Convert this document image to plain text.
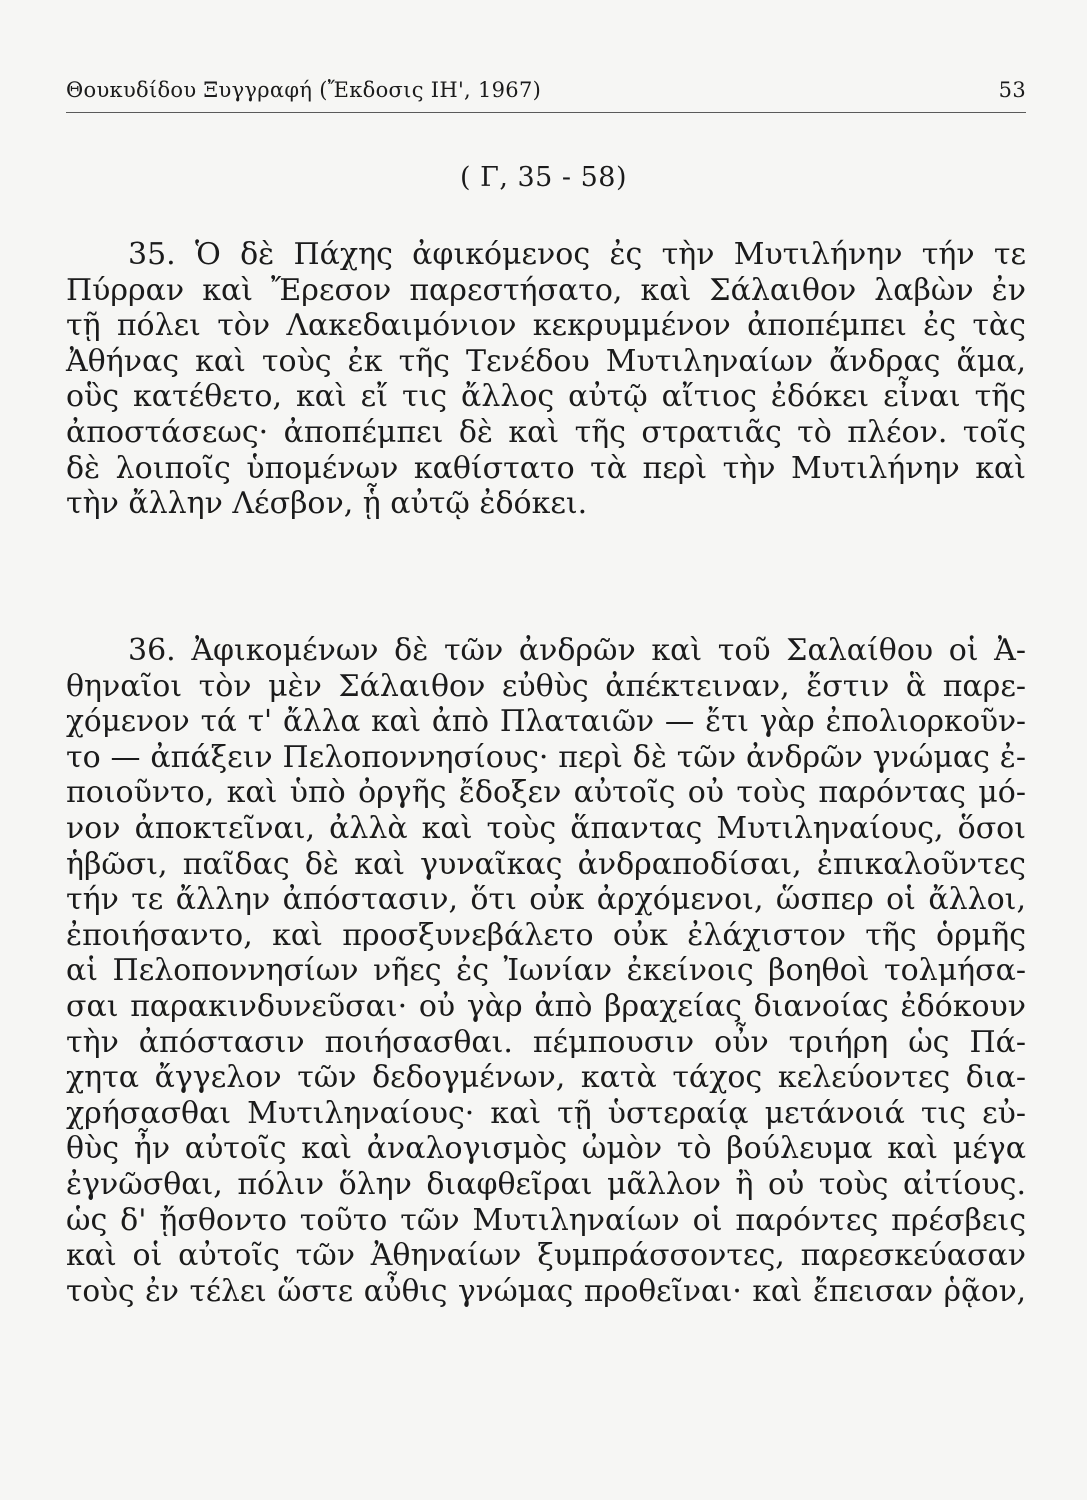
Θουκυδίδου Ξυγγραφή (Ἔκδοσις ΙΗ', 1967)	53
( Γ, 35 - 58)

35. Ὁ δὲ Πάχης ἀφικόμενος ἐς τὴν Μυτιλήνην τήν τε
Πύρραν καὶ Ἔρεσον παρεστήσατο, καὶ Σάλαιθον λαβὼν ἐν
τῇ πόλει τὸν Λακεδαιμόνιον κεκρυμμένον ἀποπέμπει ἐς τὰς
Ἀθήνας καὶ τοὺς ἐκ τῆς Τενέδου Μυτιληναίων ἄνδρας ἅμα,
οὓς κατέθετο, καὶ εἴ τις ἄλλος αὐτῷ αἴτιος ἐδόκει εἶναι τῆς
ἀποστάσεως· ἀποπέμπει δὲ καὶ τῆς στρατιᾶς τὸ πλέον. τοῖς
δὲ λοιποῖς ὑπομένων καθίστατο τὰ περὶ τὴν Μυτιλήνην καὶ
τὴν ἄλλην Λέσβον, ᾗ αὐτῷ ἐδόκει.

36. Ἀφικομένων δὲ τῶν ἀνδρῶν καὶ τοῦ Σαλαίθου οἱ Ἀ-
θηναῖοι τὸν μὲν Σάλαιθον εὐθὺς ἀπέκτειναν, ἔστιν ἃ παρε-
χόμενον τά τ' ἄλλα καὶ ἀπὸ Πλαταιῶν — ἔτι γὰρ ἐπολιορκοῦν-
το — ἀπάξειν Πελοποννησίους· περὶ δὲ τῶν ἀνδρῶν γνώμας ἐ-
ποιοῦντο, καὶ ὑπὸ ὀργῆς ἔδοξεν αὐτοῖς οὐ τοὺς παρόντας μό-
νον ἀποκτεῖναι, ἀλλὰ καὶ τοὺς ἅπαντας Μυτιληναίους, ὅσοι
ἡβῶσι, παῖδας δὲ καὶ γυναῖκας ἀνδραποδίσαι, ἐπικαλοῦντες
τήν τε ἄλλην ἀπόστασιν, ὅτι οὐκ ἀρχόμενοι, ὥσπερ οἱ ἄλλοι,
ἐποιήσαντο, καὶ προσξυνεβάλετο οὐκ ἐλάχιστον τῆς ὁρμῆς
αἱ Πελοποννησίων νῆες ἐς Ἰωνίαν ἐκείνοις βοηθοὶ τολμήσα-
σαι παρακινδυνεῦσαι· οὐ γὰρ ἀπὸ βραχείας διανοίας ἐδόκουν
τὴν ἀπόστασιν ποιήσασθαι. πέμπουσιν οὖν τριήρη ὡς Πά-
χητα ἄγγελον τῶν δεδογμένων, κατὰ τάχος κελεύοντες δια-
χρήσασθαι Μυτιληναίους· καὶ τῇ ὑστεραίᾳ μετάνοιά τις εὐ-
θὺς ἦν αὐτοῖς καὶ ἀναλογισμὸς ὠμὸν τὸ βούλευμα καὶ μέγα
ἐγνῶσθαι, πόλιν ὅλην διαφθεῖραι μᾶλλον ἢ οὐ τοὺς αἰτίους.
ὡς δ' ᾔσθοντο τοῦτο τῶν Μυτιληναίων οἱ παρόντες πρέσβεις
καὶ οἱ αὐτοῖς τῶν Ἀθηναίων ξυμπράσσοντες, παρεσκεύασαν
τοὺς ἐν τέλει ὥστε αὖθις γνώμας προθεῖναι· καὶ ἔπεισαν ῥᾷον,
